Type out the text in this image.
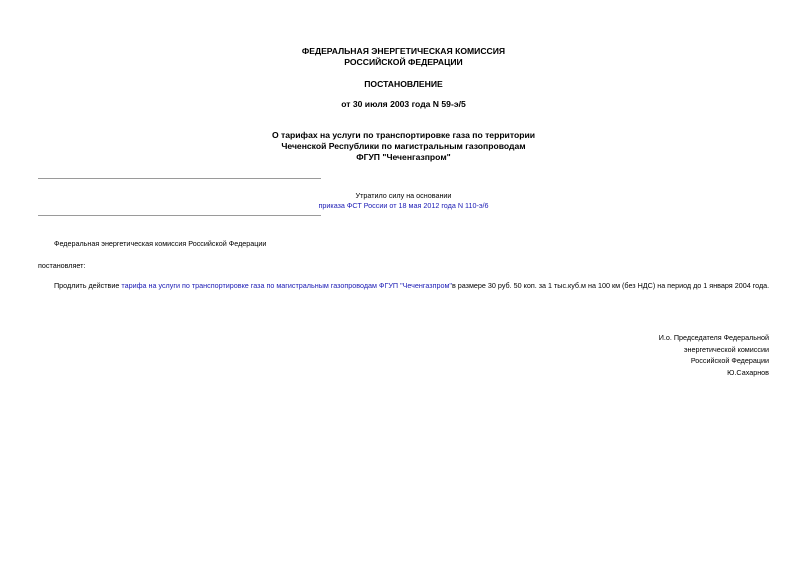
ФЕДЕРАЛЬНАЯ ЭНЕРГЕТИЧЕСКАЯ КОМИССИЯ
РОССИЙСКОЙ ФЕДЕРАЦИИ
ПОСТАНОВЛЕНИЕ
от 30 июля 2003 года N 59-э/5
О тарифах на услуги по транспортировке газа по территории
Чеченской Республики по магистральным газопроводам
ФГУП "Чеченгазпром"
Утратило силу на основании
приказа ФСТ России от 18 мая 2012 года N 110-э/6
Федеральная энергетическая комиссия Российской Федерации
постановляет:
Продлить действие тарифа на услуги по транспортировке газа по магистральным газопроводам ФГУП "Чеченгазпром"в размере 30 руб. 50 коп. за 1 тыс.куб.м на 100 км (без НДС) на период до 1 января 2004 года.
И.о. Председателя Федеральной
энергетической комиссии
Российской Федерации
Ю.Сахарнов
